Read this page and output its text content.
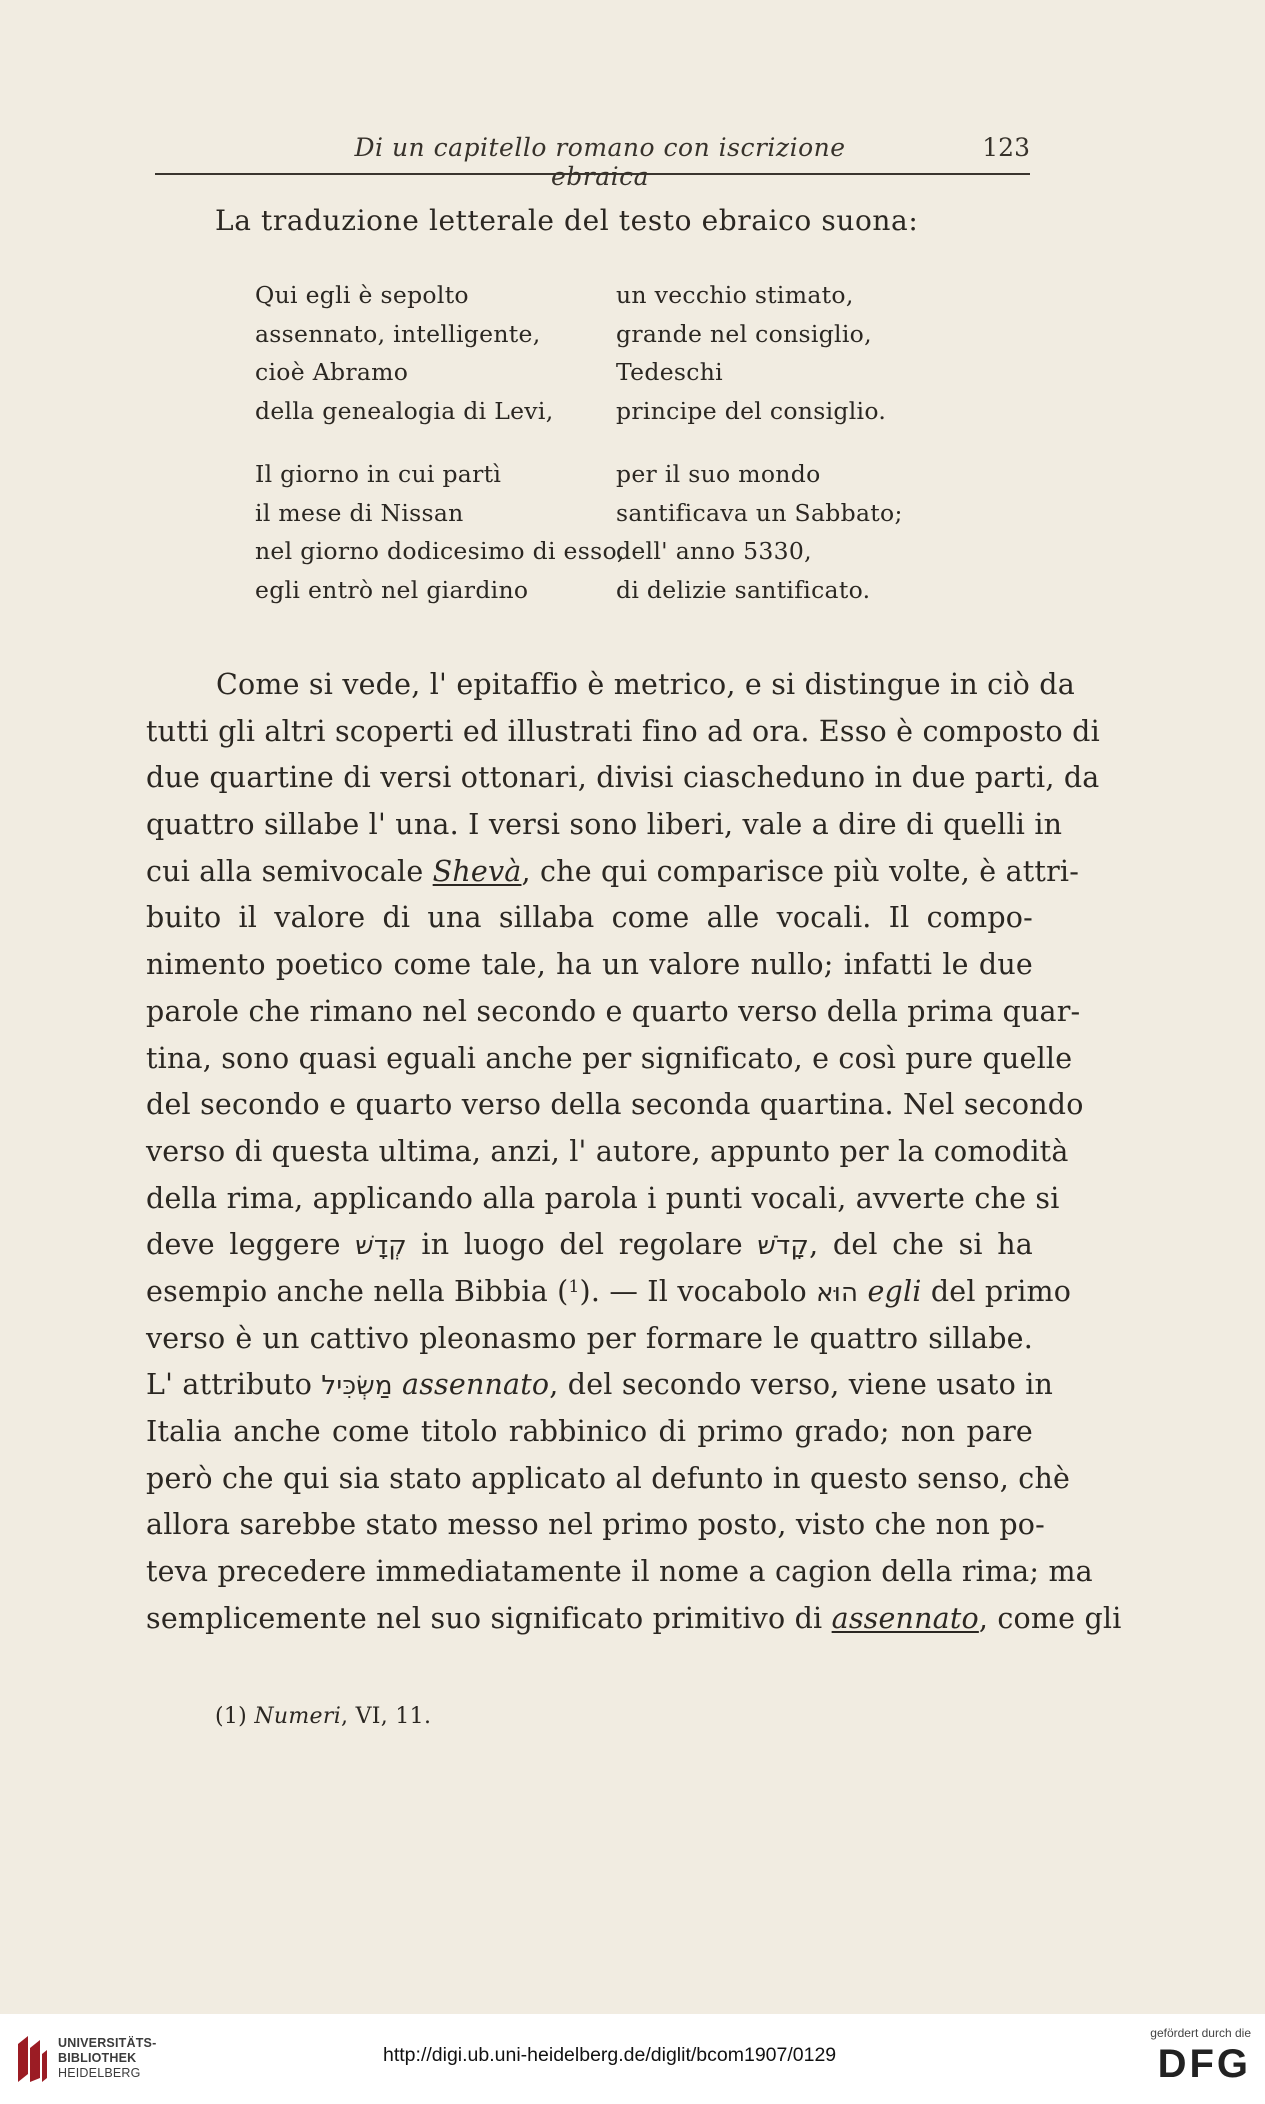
Di un capitello romano con iscrizione ebraica
123
La traduzione letterale del testo ebraico suona:
Qui egli è sepolto
assennato, intelligente,
cioè Abramo
della genealogia di Levi,
un vecchio stimato,
grande nel consiglio,
Tedeschi
principe del consiglio.
Il giorno in cui partì
il mese di Nissan
nel giorno dodicesimo di esso,
egli entrò nel giardino
per il suo mondo
santificava un Sabbato;
dell' anno 5330,
di delizie santificato.
Come si vede, l' epitaffio è metrico, e si distingue in ciò da
tutti gli altri scoperti ed illustrati fino ad ora. Esso è composto di
due quartine di versi ottonari, divisi ciascheduno in due parti, da
quattro sillabe l' una. I versi sono liberi, vale a dire di quelli in
cui alla semivocale Shevà, che qui comparisce più volte, è attri-
buito il valore di una sillaba come alle vocali. Il compo-
nimento poetico come tale, ha un valore nullo; infatti le due
parole che rimano nel secondo e quarto verso della prima quar-
tina, sono quasi eguali anche per significato, e così pure quelle
del secondo e quarto verso della seconda quartina. Nel secondo
verso di questa ultima, anzi, l' autore, appunto per la comodità
della rima, applicando alla parola i punti vocali, avverte che si
deve leggere קְדָשׁ in luogo del regolare קָדֹשׁ, del che si ha
esempio anche nella Bibbia ($^1$). — Il vocabolo הוּא egli del primo
verso è un cattivo pleonasmo per formare le quattro sillabe.
L' attributo מַשְׂכִּיל assennato, del secondo verso, viene usato in
Italia anche come titolo rabbinico di primo grado; non pare
però che qui sia stato applicato al defunto in questo senso, chè
allora sarebbe stato messo nel primo posto, visto che non po-
teva precedere immediatamente il nome a cagion della rima; ma
semplicemente nel suo significato primitivo di assennato, come gli
(1) Numeri, VI, 11.
UNIVERSITÄTS-
BIBLIOTHEK
HEIDELBERG
http://digi.ub.uni-heidelberg.de/diglit/bcom1907/0129
gefördert durch die
DFG
